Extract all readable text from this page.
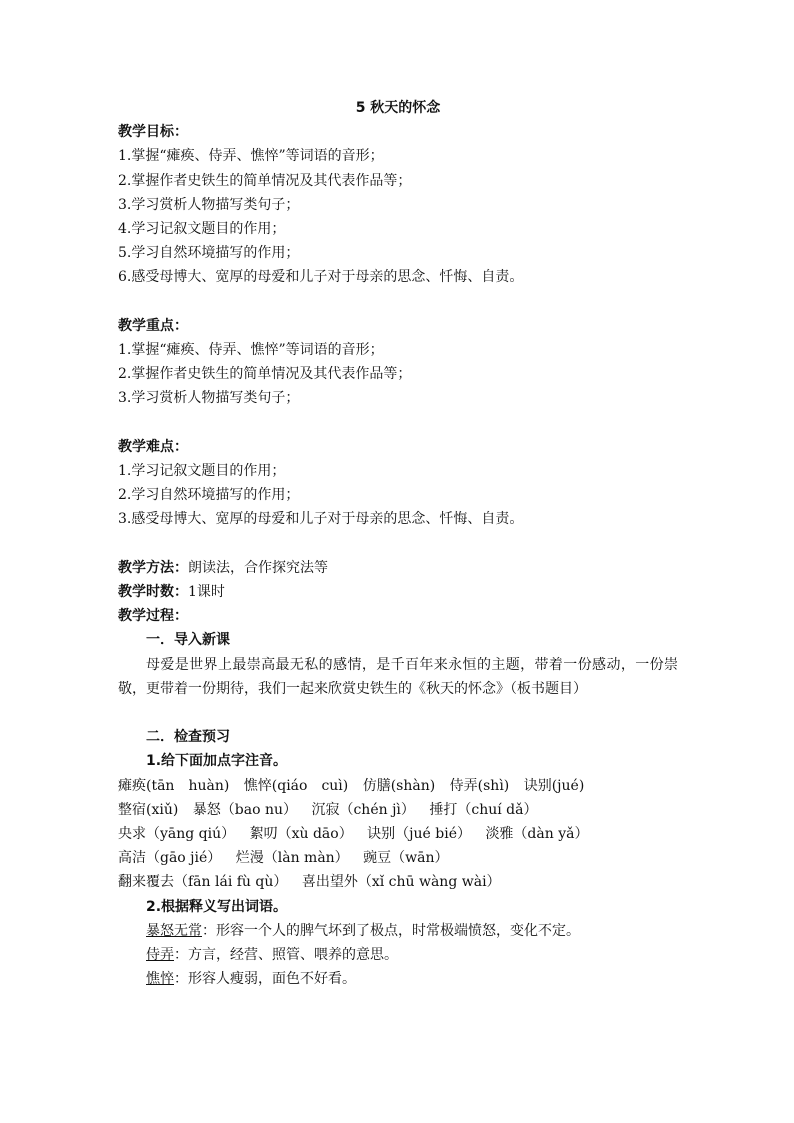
5 秋天的怀念
教学目标：
1.掌握“瘫痪、侍弄、憔悴”等词语的音形；
2.掌握作者史铁生的简单情况及其代表作品等；
3.学习赏析人物描写类句子；
4.学习记叙文题目的作用；
5.学习自然环境描写的作用；
6.感受母博大、宽厚的母爱和儿子对于母亲的思念、忏悔、自责。
教学重点：
1.掌握“瘫痪、侍弄、憔悴”等词语的音形；
2.掌握作者史铁生的简单情况及其代表作品等；
3.学习赏析人物描写类句子；
教学难点：
1.学习记叙文题目的作用；
2.学习自然环境描写的作用；
3.感受母博大、宽厚的母爱和儿子对于母亲的思念、忏悔、自责。
教学方法：朗读法，合作探究法等
教学时数：1课时
教学过程：
一．导入新课
母爱是世界上最崇高最无私的感情，是千百年来永恒的主题，带着一份感动，一份崇敬，更带着一份期待，我们一起来欣赏史铁生的《秋天的怀念》（板书题目）
二．检查预习
1.给下面加点字注音。
瘫痪(tān　huàn) 憔悴(qiáo　cuì) 仿膳(shàn) 侍弄(shì) 诀别(jué)
整宿(xiǔ) 暴怒（bao nu） 沉寂（chén jì） 捶打（chuí dǎ）
央求（yāng qiú） 絮叨（xù dāo） 诀别（jué bié） 淡雅（dàn yǎ）
高洁（gāo jié） 烂漫（làn màn） 豌豆（wān）
翻来覆去（fān lái fù qù） 喜出望外（xǐ chū wàng wài）
2.根据释义写出词语。
暴怒无常：形容一个人的脾气坏到了极点，时常极端愤怒，变化不定。
侍弄：方言，经营、照管、喂养的意思。
憔悴：形容人瘦弱，面色不好看。
